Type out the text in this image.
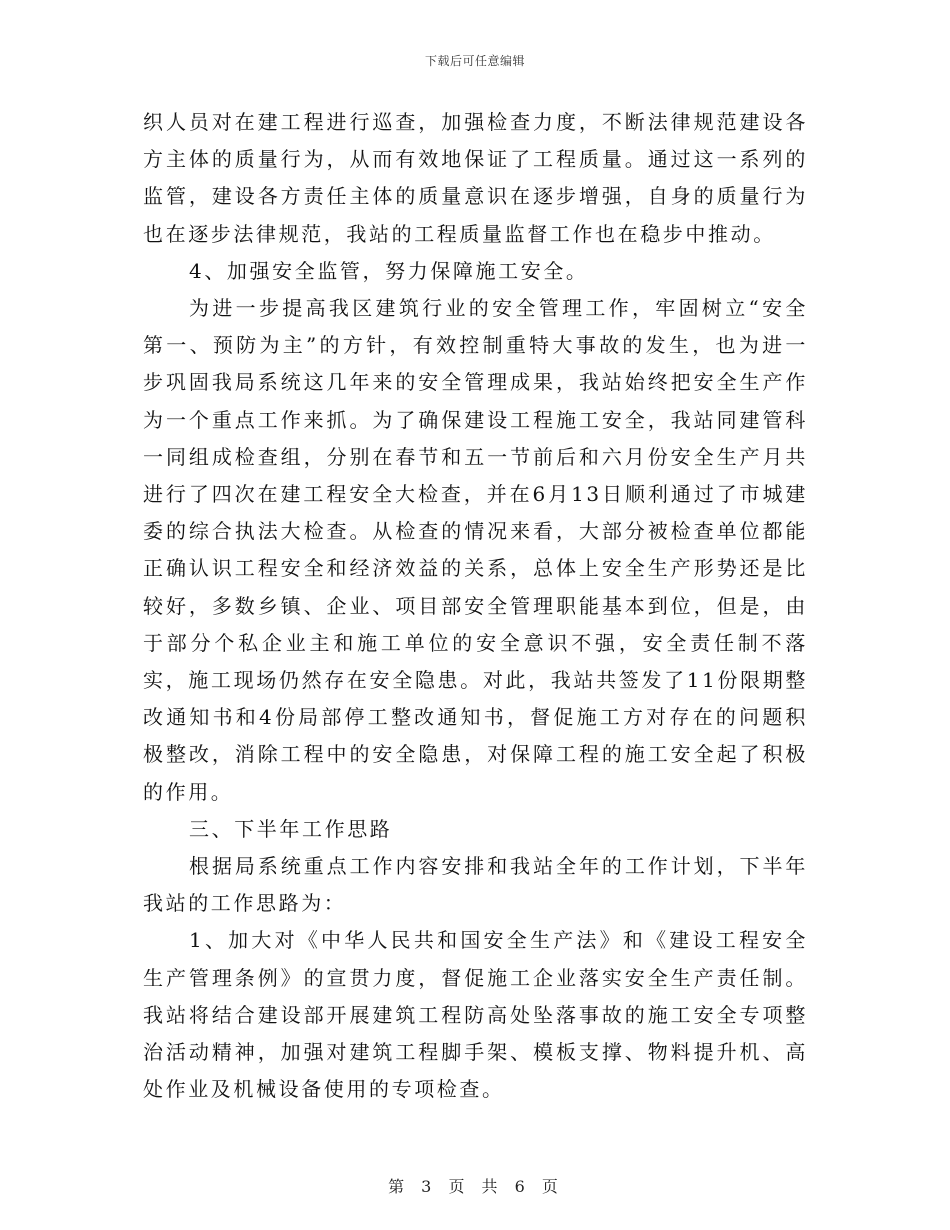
下载后可任意编辑

织人员对在建工程进行巡查，加强检查力度，不断法律规范建设各方主体的质量行为，从而有效地保证了工程质量。通过这一系列的监管，建设各方责任主体的质量意识在逐步增强，自身的质量行为也在逐步法律规范，我站的工程质量监督工作也在稳步中推动。

4、加强安全监管，努力保障施工安全。

为进一步提高我区建筑行业的安全管理工作，牢固树立“安全第一、预防为主”的方针，有效控制重特大事故的发生，也为进一步巩固我局系统这几年来的安全管理成果，我站始终把安全生产作为一个重点工作来抓。为了确保建设工程施工安全，我站同建管科一同组成检查组，分别在春节和五一节前后和六月份安全生产月共进行了四次在建工程安全大检查，并在6月13日顺利通过了市城建委的综合执法大检查。从检查的情况来看，大部分被检查单位都能正确认识工程安全和经济效益的关系，总体上安全生产形势还是比较好，多数乡镇、企业、项目部安全管理职能基本到位，但是，由于部分个私企业主和施工单位的安全意识不强，安全责任制不落实，施工现场仍然存在安全隐患。对此，我站共签发了11份限期整改通知书和4份局部停工整改通知书，督促施工方对存在的问题积极整改，消除工程中的安全隐患，对保障工程的施工安全起了积极的作用。

三、下半年工作思路

根据局系统重点工作内容安排和我站全年的工作计划，下半年我站的工作思路为：

1、加大对《中华人民共和国安全生产法》和《建设工程安全生产管理条例》的宣贯力度，督促施工企业落实安全生产责任制。我站将结合建设部开展建筑工程防高处坠落事故的施工安全专项整治活动精神，加强对建筑工程脚手架、模板支撑、物料提升机、高处作业及机械设备使用的专项检查。

第 3 页 共 6 页
